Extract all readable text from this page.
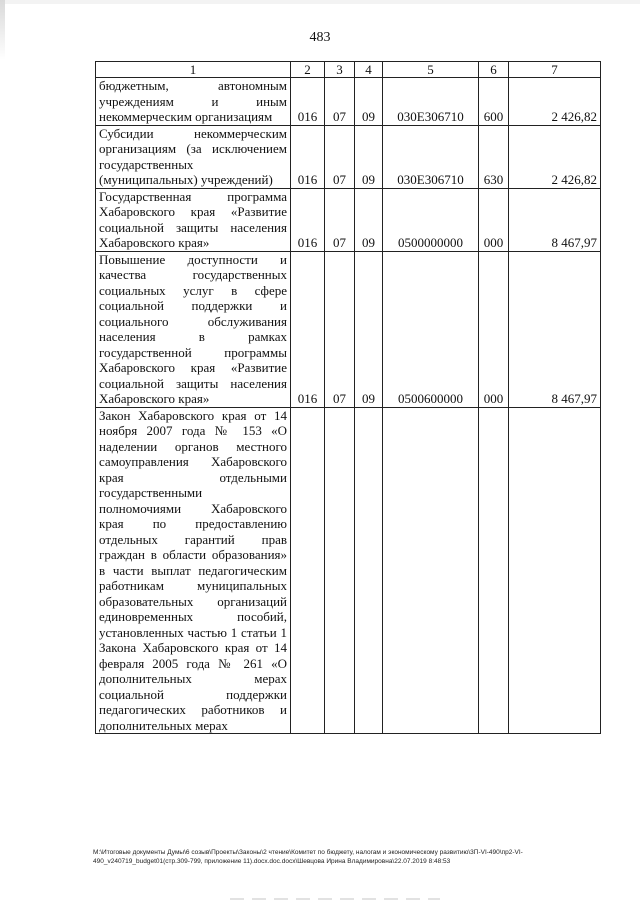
483
1	2	3	4	5	6	7
бюджетным, автономным учреждениям и иным некоммерческим организациям	016	07	09	030Е306710	600	2 426,82
Субсидии некоммерческим организациям (за исключением государственных (муниципальных) учреждений)	016	07	09	030Е306710	630	2 426,82
Государственная программа Хабаровского края «Развитие социальной защиты населения Хабаровского края»	016	07	09	0500000000	000	8 467,97
Повышение доступности и качества государственных социальных услуг в сфере социальной поддержки и социального обслуживания населения в рамках государственной программы Хабаровского края «Развитие социальной защиты населения Хабаровского края»	016	07	09	0500600000	000	8 467,97
Закон Хабаровского края от 14 ноября 2007 года № 153 «О наделении органов местного самоуправления Хабаровского края отдельными государственными полномочиями Хабаровского края по предоставлению отдельных гарантий прав граждан в области образования» в части выплат педагогическим работникам муниципальных образовательных организаций единовременных пособий, установленных частью 1 статьи 1 Закона Хабаровского края от 14 февраля 2005 года № 261 «О дополнительных мерах социальной поддержки педагогических работников и дополнительных мерах						
M:\Итоговые документы Думы\6 созыв\Проекты\Законы\2 чтение\Комитет по бюджету, налогам и экономическому развитию\3П-VI-490\пр2-VI-490_v240719_budget01(стр.309-799, приложение 11).docx.doc.docx\Шевцова Ирина Владимировна\22.07.2019 8:48:53
